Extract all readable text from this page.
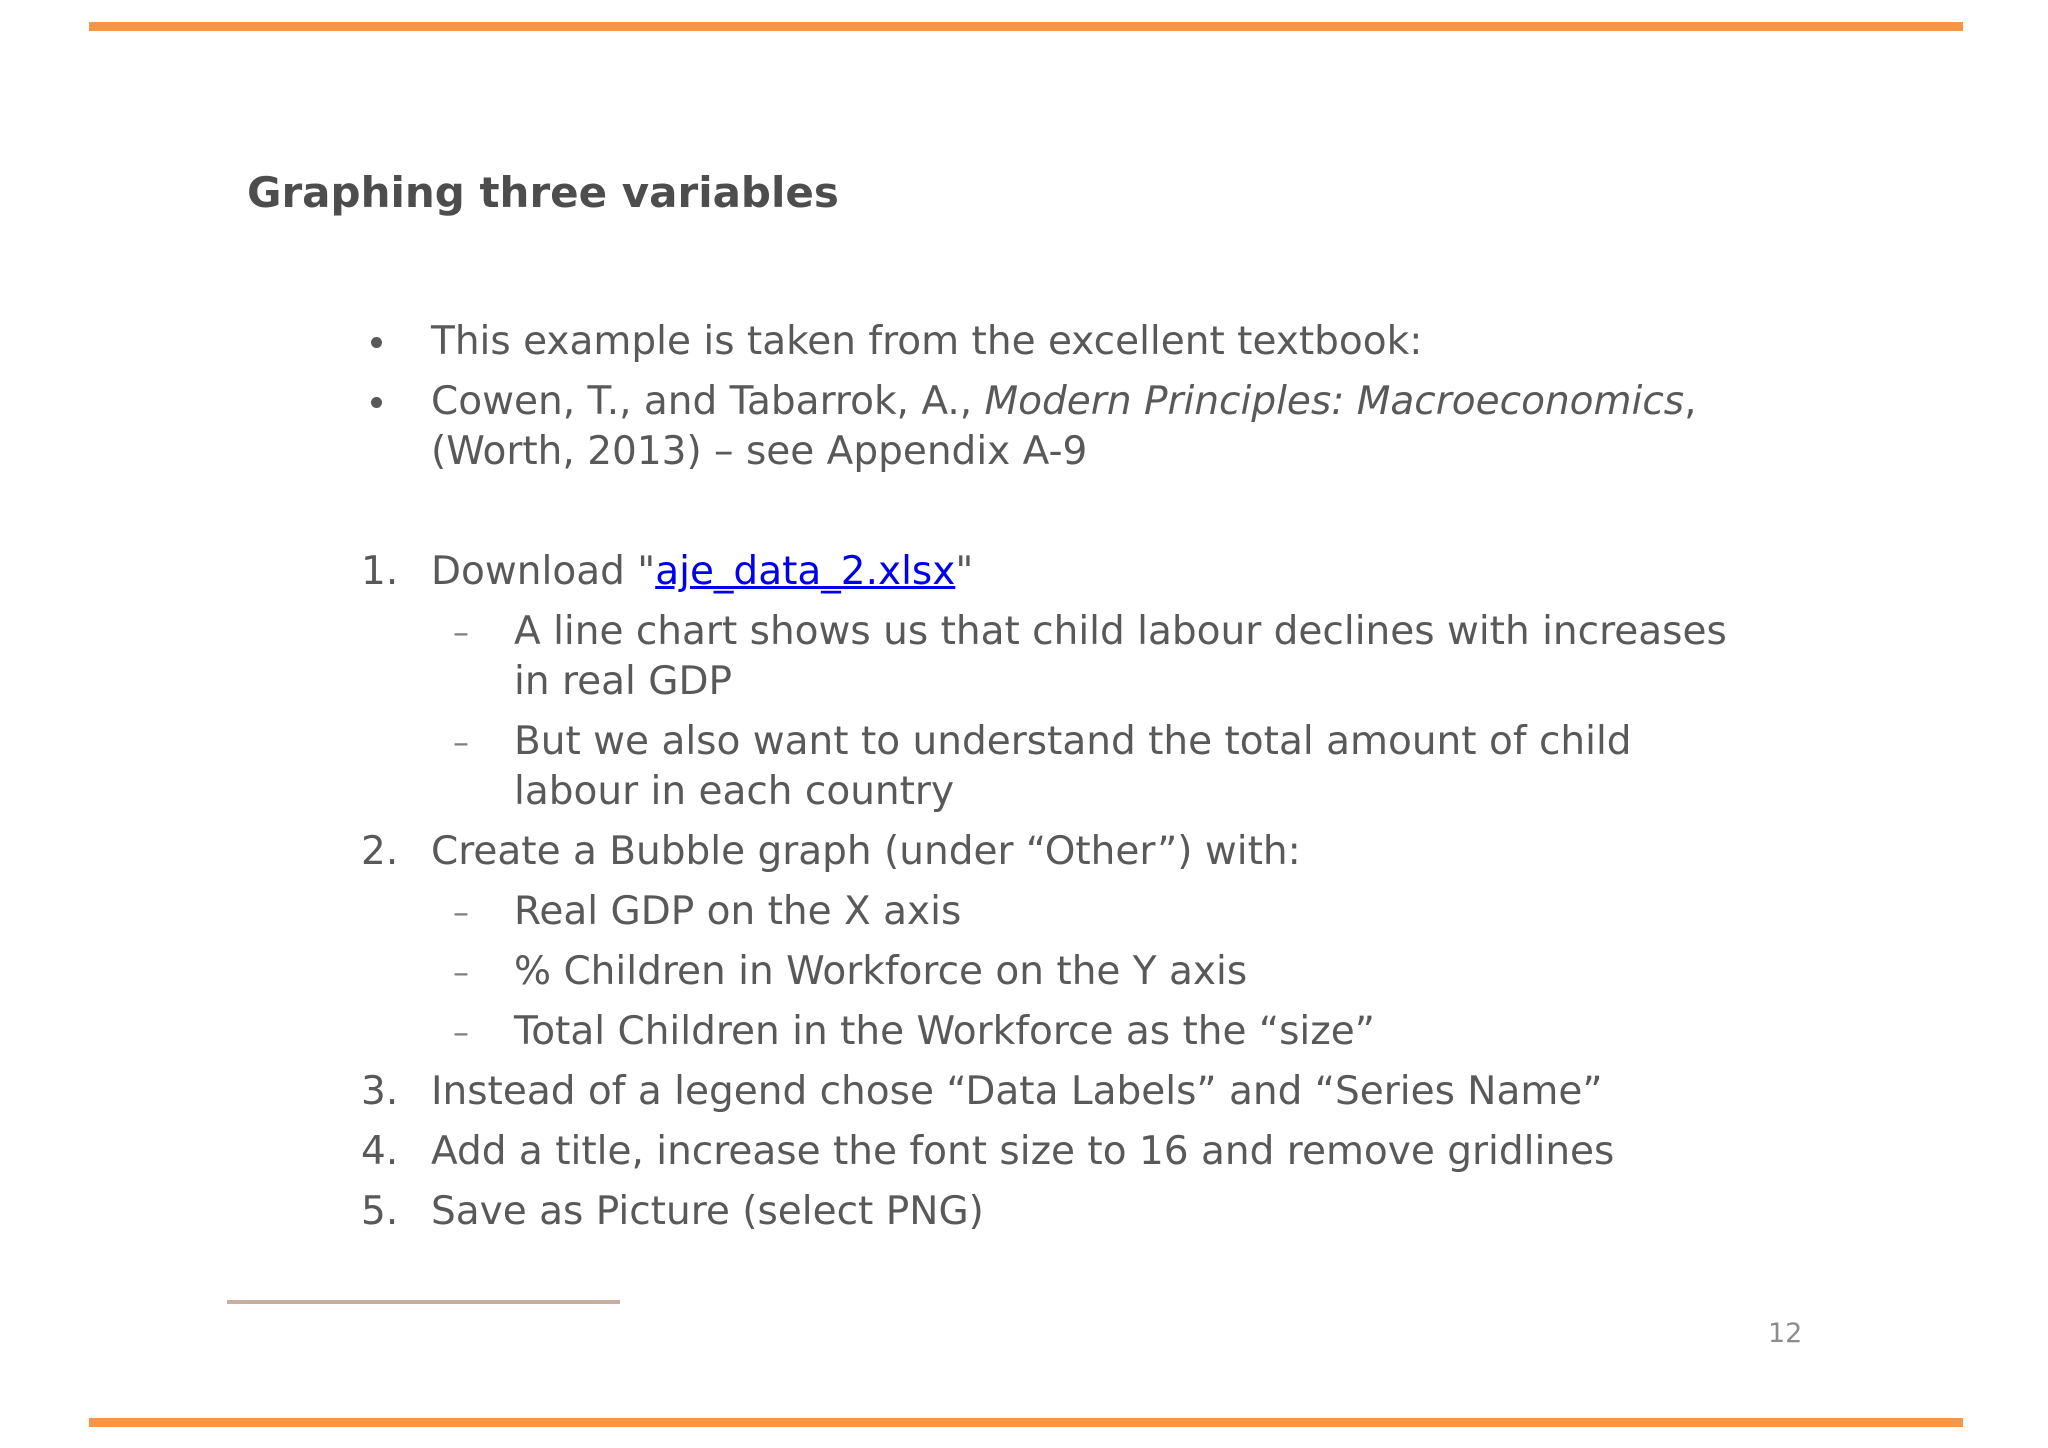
Graphing three variables
This example is taken from the excellent textbook:
Cowen, T., and Tabarrok, A., Modern Principles: Macroeconomics,
(Worth, 2013) – see Appendix A-9
1. Download "aje_data_2.xlsx"
– A line chart shows us that child labour declines with increases
in real GDP
– But we also want to understand the total amount of child
labour in each country
2. Create a Bubble graph (under “Other”) with:
– Real GDP on the X axis
– % Children in Workforce on the Y axis
– Total Children in the Workforce as the “size”
3. Instead of a legend chose “Data Labels” and “Series Name”
4. Add a title, increase the font size to 16 and remove gridlines
5. Save as Picture (select PNG)
12
